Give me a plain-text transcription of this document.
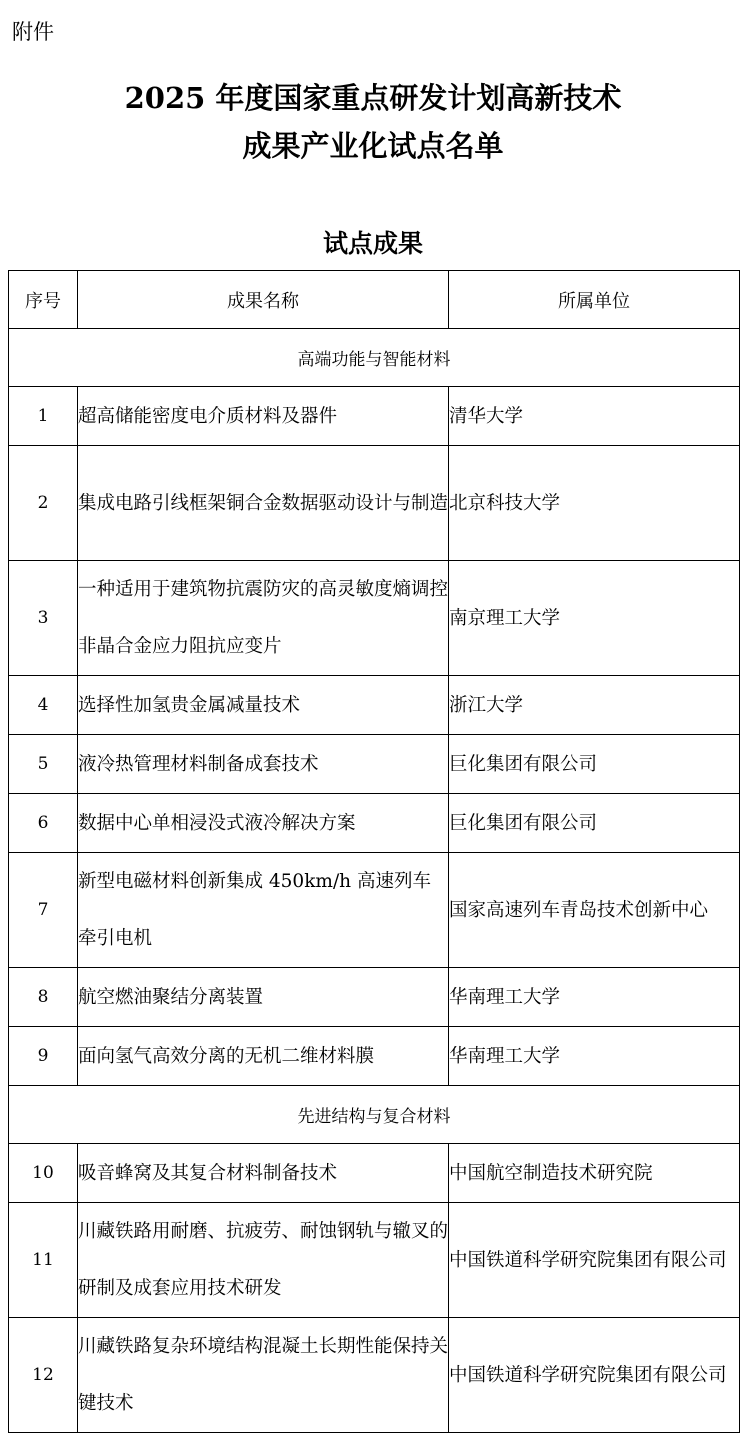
附件
2025 年度国家重点研发计划高新技术
成果产业化试点名单
试点成果
序号	成果名称	所属单位
高端功能与智能材料		
1	超高储能密度电介质材料及器件	清华大学
2	集成电路引线框架铜合金数据驱动设计与制造	北京科技大学
3	一种适用于建筑物抗震防灾的高灵敏度熵调控非晶合金应力阻抗应变片	南京理工大学
4	选择性加氢贵金属减量技术	浙江大学
5	液冷热管理材料制备成套技术	巨化集团有限公司
6	数据中心单相浸没式液冷解决方案	巨化集团有限公司
7	新型电磁材料创新集成 450km/h 高速列车牵引电机	国家高速列车青岛技术创新中心
8	航空燃油聚结分离装置	华南理工大学
9	面向氢气高效分离的无机二维材料膜	华南理工大学
先进结构与复合材料		
10	吸音蜂窝及其复合材料制备技术	中国航空制造技术研究院
11	川藏铁路用耐磨、抗疲劳、耐蚀钢轨与辙叉的研制及成套应用技术研发	中国铁道科学研究院集团有限公司
12	川藏铁路复杂环境结构混凝土长期性能保持关键技术	中国铁道科学研究院集团有限公司
